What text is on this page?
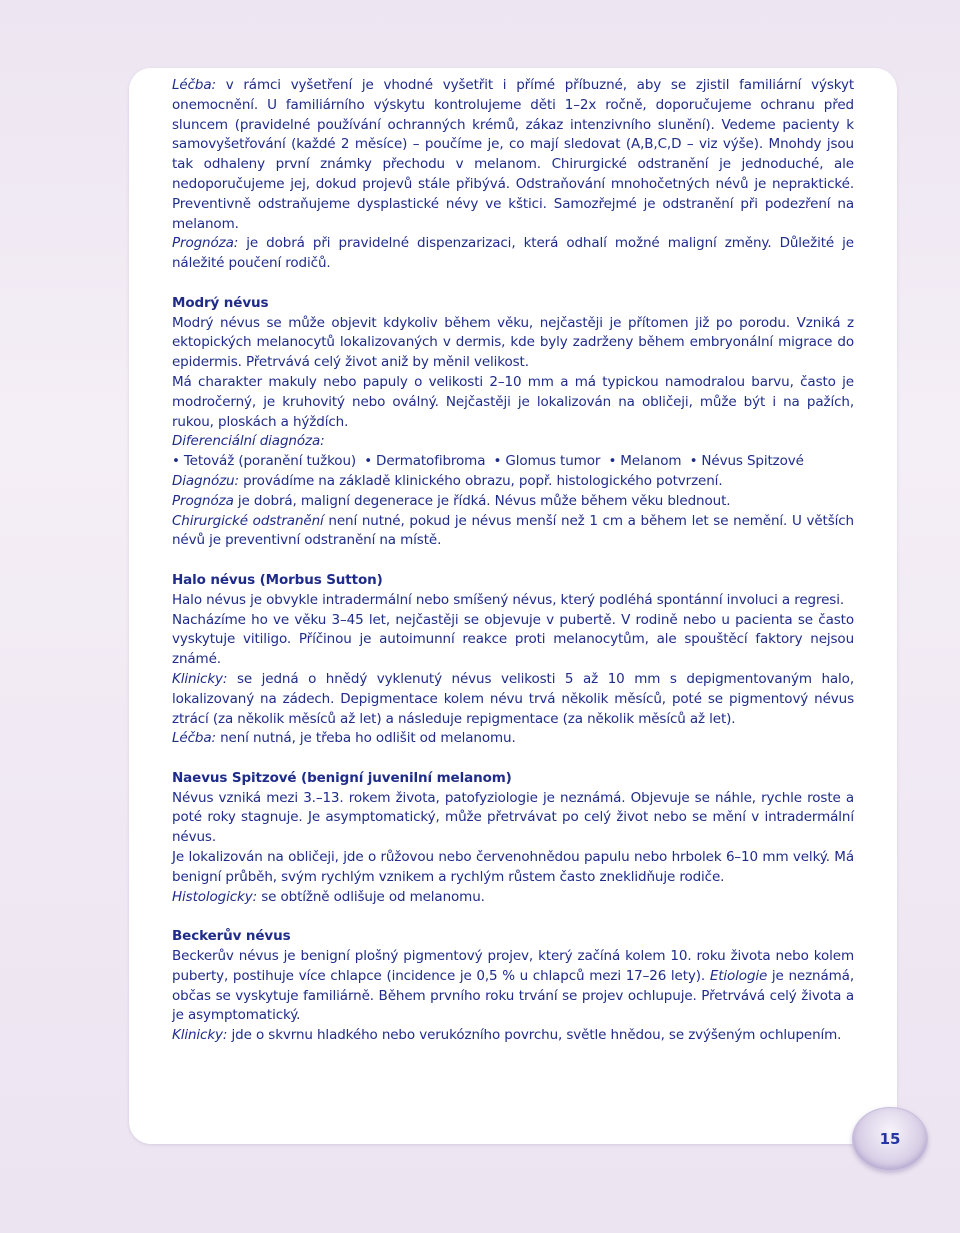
Léčba: v rámci vyšetření je vhodné vyšetřit i přímé příbuzné, aby se zjistil familiární výskyt onemocnění. U familiárního výskytu kontrolujeme děti 1–2x ročně, doporučujeme ochranu před sluncem (pravidelné používání ochranných krémů, zákaz intenzivního slunění). Vedeme pacienty k samovyšetřování (každé 2 měsíce) – poučíme je, co mají sledovat (A,B,C,D – viz výše). Mnohdy jsou tak odhaleny první známky přechodu v melanom. Chirurgické odstranění je jednoduché, ale nedoporučujeme jej, dokud projevů stále přibývá. Odstraňování mnohočetných névů je nepraktické. Preventivně odstraňujeme dysplastické névy ve kštici. Samozřejmé je odstranění při podezření na melanom.

Prognóza: je dobrá při pravidelné dispenzarizaci, která odhalí možné maligní změny. Důležité je náležité poučení rodičů.

Modrý névus

Modrý névus se může objevit kdykoliv během věku, nejčastěji je přítomen již po porodu. Vzniká z ektopických melanocytů lokalizovaných v dermis, kde byly zadrženy během embryonální migrace do epidermis. Přetrvává celý život aniž by měnil velikost.

Má charakter makuly nebo papuly o velikosti 2–10 mm a má typickou namodralou barvu, často je modročerný, je kruhovitý nebo oválný. Nejčastěji je lokalizován na obličeji, může být i na pažích, rukou, ploskách a hýždích.

Diferenciální diagnóza:

• Tetováž (poranění tužkou) • Dermatofibroma • Glomus tumor • Melanom • Névus Spitzové

Diagnózu: provádíme na základě klinického obrazu, popř. histologického potvrzení.

Prognóza je dobrá, maligní degenerace je řídká. Névus může během věku blednout.

Chirurgické odstranění není nutné, pokud je névus menší než 1 cm a během let se nemění. U větších névů je preventivní odstranění na místě.

Halo névus (Morbus Sutton)

Halo névus je obvykle intradermální nebo smíšený névus, který podléhá spontánní involuci a regresi.

Nacházíme ho ve věku 3–45 let, nejčastěji se objevuje v pubertě. V rodině nebo u pacienta se často vyskytuje vitiligo. Příčinou je autoimunní reakce proti melanocytům, ale spouštěcí faktory nejsou známé.

Klinicky: se jedná o hnědý vyklenutý névus velikosti 5 až 10 mm s depigmentovaným halo, lokalizovaný na zádech. Depigmentace kolem névu trvá několik měsíců, poté se pigmentový névus ztrácí (za několik měsíců až let) a následuje repigmentace (za několik měsíců až let).

Léčba: není nutná, je třeba ho odlišit od melanomu.

Naevus Spitzové (benigní juvenilní melanom)

Névus vzniká mezi 3.–13. rokem života, patofyziologie je neznámá. Objevuje se náhle, rychle roste a poté roky stagnuje. Je asymptomatický, může přetrvávat po celý život nebo se mění v intradermální névus.

Je lokalizován na obličeji, jde o růžovou nebo červenohnědou papulu nebo hrbolek 6–10 mm velký. Má benigní průběh, svým rychlým vznikem a rychlým růstem často zneklidňuje rodiče.

Histologicky: se obtížně odlišuje od melanomu.

Beckerův névus

Beckerův névus je benigní plošný pigmentový projev, který začíná kolem 10. roku života nebo kolem puberty, postihuje více chlapce (incidence je 0,5 % u chlapců mezi 17–26 lety). Etiologie je neznámá, občas se vyskytuje familiárně. Během prvního roku trvání se projev ochlupuje. Přetrvává celý života a je asymptomatický.

Klinicky: jde o skvrnu hladkého nebo verukózního povrchu, světle hnědou, se zvýšeným ochlupením.

15
